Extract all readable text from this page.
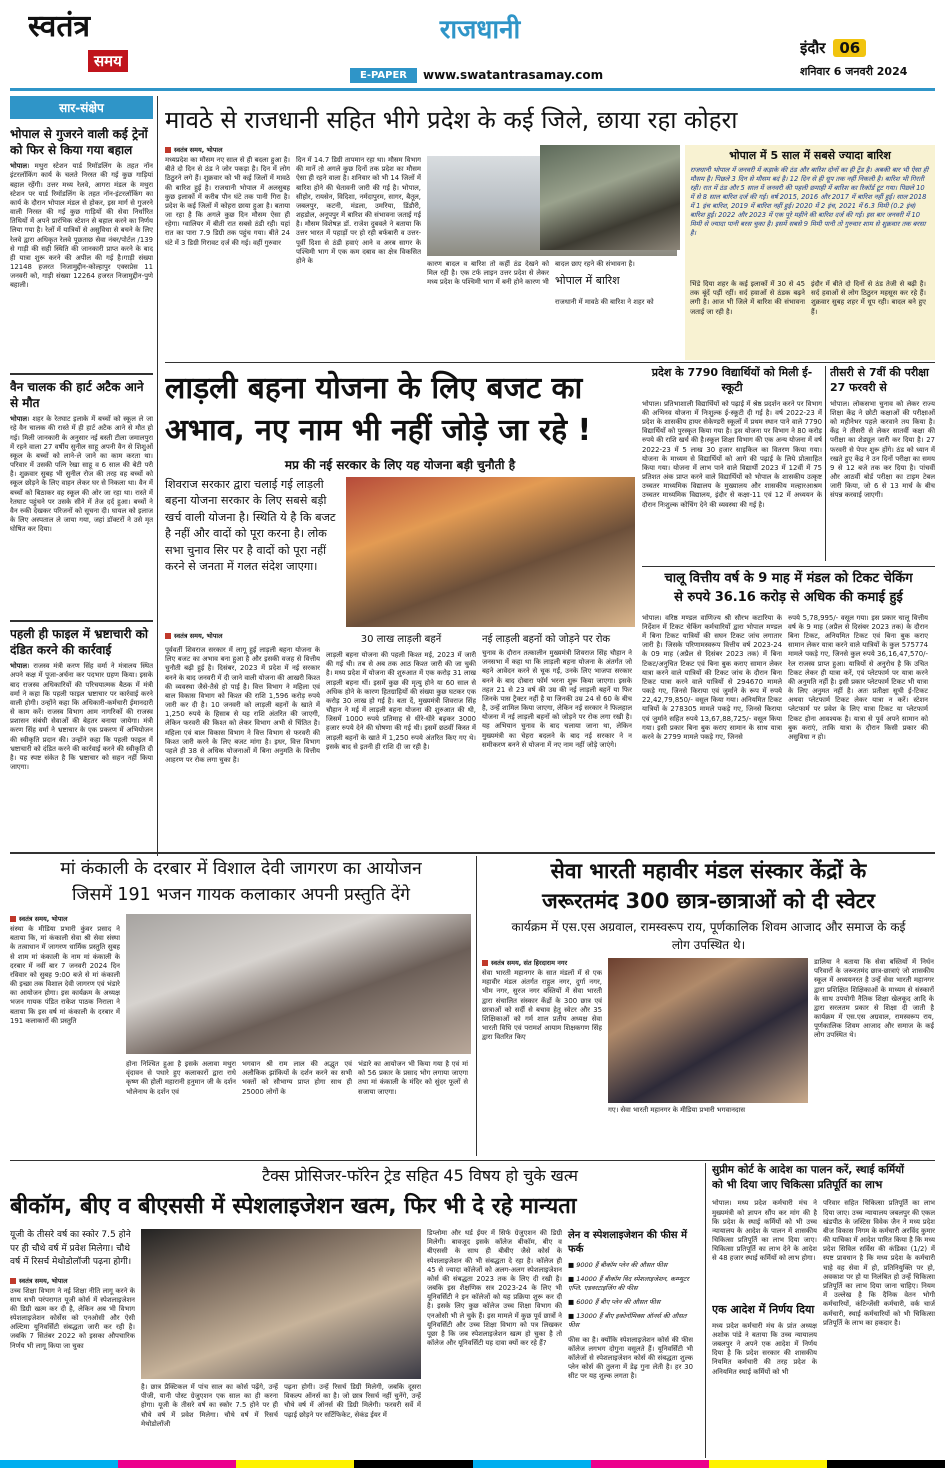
स्वतंत्र
समय
राजधानी
E-PAPER	www.swatantrasamay.com
इंदौर 06
शनिवार 6 जनवरी 2024
सार-संक्षेप
भोपाल से गुजरने वाली कई ट्रेनों को फिर से किया गया बहाल
भोपाल। मथुरा स्टेशन यार्ड रिमॉडलिंग के तहत नॉन इंटरलॉकिंग कार्य के चलते निरस्त की गई कुछ गाड़ियां बहाल रहेंगी। उत्तर मध्य रेलवे, आगरा मंडल के मथुरा स्टेशन पर यार्ड रिमॉडलिंग के तहत नॉन-इंटरलॉकिंग का कार्य के दौरान भोपाल मंडल से होकर, इस मार्ग से गुजरने वाली निरस्त की गई कुछ गाड़ियों की सेवा निर्धारित तिथियों में अपने प्रारंभिक स्टेशन से बहाल करने का निर्णय लिया गया है। रेलों में यात्रियों से असुविधा से बचने के लिए रेलवे द्वारा अधिकृत रेलवे पूछताछ सेवा नंबर/पोर्टल /139 से गाड़ी की सही स्थिति की जानकारी प्राप्त करने के बाद ही यात्रा शुरू करने की अपील की गई है।गाड़ी संख्या 12148 हजरत निजामुद्दीन-कोल्हापुर एक्सप्रेस 11 जनवरी को, गाड़ी संख्या 12264 हजरत निजामुद्दीन-पुणे बहाली।
वैन चालक की हार्ट अटैक आने से मौत
भोपाल। शहर के रेतघाट इलाके में बच्चों को स्कूल ले जा रहे वैन चालक की रास्ते में ही हार्ट अटैक आने से मौत हो गई। मिली जानकारी के अनुसार नई बस्ती टीला जमालपुरा में रहने वाला 27 वर्षीय सुनील साहू अपनी वैन से शिशुओं स्कूल के बच्चों को लाने-ले जाने का काम करता था। परिवार में उसकी पत्नि रेखा साहू व 6 साल की बेटी परी है। शुक्रवार सुबह भी सुनील रोज की तरह वह बच्चों को स्कूल छोड़ने के लिए वाहन लेकर घर से निकला था। वैन में बच्चों को बिठाकर वह स्कूल की ओर जा रहा था। रास्ते में रेतघाट पहुंचने पर उसके सीने में तेज दर्द हुआ। बच्चों ने वैन रुकी देखकर परिजनों को सूचना दी। घायल को इलाज के लिए अस्पताल ले जाया गया, जहां डॉक्टरों ने उसे मृत घोषित कर दिया।
पहली ही फाइल में भ्रष्टाचारी को दंडित करने की कार्रवाई
भोपाल। राजस्व मंत्री करण सिंह वर्मा ने मंत्रालय स्थित अपने कक्ष में पूजा-अर्चना कर पदभार ग्रहण किया। इसके बाद राजस्व अधिकारियों की परिचयात्मक बैठक में मंत्री वर्मा ने कहा कि पहली फाइल भ्रष्टाचार पर कार्रवाई करने वाली होगी। उन्होंने कहा कि अधिकारी-कर्मचारी ईमानदारी से काम करें। राजस्व विभाग आम नागरिकों की राजस्व प्रशासन संबंधी सेवाओं की बेहतर बनाया जायेगा। मंत्री करण सिंह वर्मा ने भ्रष्टाचार के एक प्रकरण में अभियोजन की स्वीकृति प्रदान की। उन्होंने कहा कि पहली फाइल में भ्रष्टाचारी को दंडित करने की कार्रवाई करने की स्वीकृति दी है। यह स्पष्ट संकेत है कि भ्रष्टाचार को सहन नहीं किया जाएगा।
मावठे से राजधानी सहित भीगे प्रदेश के कई जिले, छाया रहा कोहरा
स्वतंत्र समय, भोपाल
मध्यप्रदेश का मौसम नए साल से ही बदला हुआ है। बीते दो दिन से ठंड ने जोर पकड़ा है। दिन में लोग ठिठुरने लगे हैं। शुक्रवार को भी कई जिलों में मावठे की बारिश हुई है। राजधानी भोपाल में अलसुबह कुछ इलाकों में करीब पौन घंटे तक पानी गिरा है। प्रदेश के कई जिलों में कोहरा छाया हुआ है। बताया जा रहा है कि अगले कुछ दिन मौसम ऐसा ही रहेगा। ग्वालियर में बीती रात सबसे ठंडी रही। यहां रात का पारा 7.9 डिग्री तक पहुंच गया। बीते 24 घंटे में 3 डिग्री गिरावट दर्ज की गई। वहीं गुरुवार
दिन में 14.7 डिग्री तापमान रहा था। मौसम विभाग की मानें तो अगले कुछ दिनों तक प्रदेश का मौसम ऐसा ही रहने वाला है। शनिवार को भी 14 जिलों में बारिश होने की चेतावनी जारी की गई है। भोपाल, सीहोर, रायसेन, विदिशा, नर्मदापुरम, सागर, बैतूल, जबलपुर, कटनी, मंडला, उमरिया, डिंडौरी, शहडोल, अनूपपुर में बारिश की संभावना जताई गई है। मौसम विशेषज्ञ डॉ. राजेश दुबवले ने बताया कि उत्तर भारत में पहाड़ों पर हो रही बर्फबारी व उत्तर-पूर्वी दिशा से ठंडी हवाएं आने व अरब सागर के पश्चिमी भाग में एक कम दबाव का क्षेत्र विकसित होने के	कारण बादल व बारिश तो कहीं ठंड देखने को मिल रही है। एक टर्फ लाइन उत्तर प्रदेश से लेकर मध्य प्रदेश के पश्चिमी भाग में बनी होने कारण भी
बादल छाए रहने की संभावना है।
भोपाल में बारिश
राजधानी में मावठे की बारिश ने शहर को
भोपाल में 5 साल में सबसे ज्यादा बारिश
राजधानी भोपाल में जनवरी में कड़ाके की ठंड और बारिश दोनों का ही ट्रेंड है। अबकी बार भी ऐसा ही मौसम है। पिछले 3 दिन से मौसम बदं है। 12 दिन से ही धूप तक नहीं निकली है। बारिश भी गिरती रही। रात में ठंड और 5 साल में जनवरी की पहली छमाही में बारिश का रिकॉर्ड टूट गया। पिछले 10 में से 8 साल बारिश दर्ज की गई। वर्ष 2015, 2016 और 2017 में बारिश नहीं हुई। साल 2018 में 1 इंच बारिश, 2019 में बारिश नहीं हुई। 2020 में 2 इंच, 2021 में 6.3 मिमी (0.2 इंच) बारिश हुई। 2022 और 2023 में एक पूरे महीने की बारिश दर्ज की गई। इस बार जनवरी में 10 मिमी से ज्यादा पानी बरस चुका है। इसमें सबसे 9 मिमी पानी तो गुरुवार शाम से शुक्रवार तक बरसा है।
भिंडे दिया शहर के कई इलाकों में 30 से 45 तक बूंदें पड़ीं रहीं। सर्द हवाओं से ठंडक बढ़ने लगी है। आज भी जिले में बारिश की संभावना जताई जा रही है।
इंदौर में बीते दो दिनों से ठंड तेजी से बढ़ी है। सर्द हवाओं से लोग ठिठुरन महसूस कर रहे हैं। शुक्रवार सुबह शहर में धूप रही। बादल बने हुए हैं।
लाड़ली बहना योजना के लिए बजट का
अभाव, नए नाम भी नहीं जोड़े जा रहे !
मप्र की नई सरकार के लिए यह योजना बड़ी चुनौती है
शिवराज सरकार द्वारा चलाई गई लाड़ली बहना योजना सरकार के लिए सबसे बड़ी खर्च वाली योजना है। स्थिति ये है कि बजट है नहीं और वादों को पूरा करना है। लोक सभा चुनाव सिर पर है वादों को पूरा नहीं करने से जनता में गलत संदेश जाएगा।
स्वतंत्र समय, भोपाल
पूर्ववर्ती शिवराज सरकार में लागू हुई लाड़ली बहना योजना के लिए बजट का अभाव बना हुआ है और इसकी वजह से वित्तीय चुनौती बढ़ी हुई है। दिसंबर, 2023 में प्रदेश में नई सरकार बनने के बाद जनवरी में दी जाने वाली योजना की आखरी किश्त की व्यवस्था जैसे-तैसे हो पाई है। वित्त विभाग ने महिला एवं बाल विकास विभाग को किश्त की राशि 1,596 करोड़ रुपये जारी कर दी है। 10 जनवरी को लाड़ली बहनों के खाते में 1,250 रुपये के हिसाब से यह राशि अंतरित की जाएगी, लेकिन फरवरी की किश्त को लेकर विभाग अभी से चिंतित है। महिला एवं बाल विकास विभाग ने वित्त विभाग से फरवरी की किश्त जारी करने के लिए बजट मांगा है। इधर, वित्त विभाग पहले ही 38 से अधिक योजनाओं में बिना अनुमति के वित्तीय आहरण पर रोक लगा चुका है।
30 लाख लाड़ली बहनें
लाड़ली बहना योजना की पहली किश्त मई, 2023 में जारी की गई थी। तब से अब तक आठ किश्त जारी की जा चुकी है। मध्य प्रदेश में योजना की शुरुआत में एक करोड़ 31 लाख लाड़ली बहना थीं। इसमें कुछ की मृत्यु होने या 60 साल से अधिक होने के कारण हितग्राहियों की संख्या कुछ घटकर एक करोड़ 30 लाख हो गई है। बता दें, मुख्यमंत्री शिवराज सिंह चौहान ने मई में लाड़ली बहना योजना की शुरुआत की थी, जिसमें 1000 रुपये प्रतिमाह से धीरे-धीरे बढ़कर 3000 हजार रुपये देने की घोषणा की गई थी। इसमें छठवीं किस्त में लाड़ली बहनों के खाते में 1,250 रुपये अंतरित किए गए थे। इसके बाद से इतनी ही राशि दी जा रही है।
नई लाड़ली बहनों को जोड़ने पर रोक
चुनाव के दौरान तत्कालीन मुख्यमंत्री शिवराज सिंह चौहान ने जनसभा में कहा था कि लाड़ली बहना योजना के अंतर्गत जो बहने आवेदन करने से चूक गईं, उनके लिए भाजपा सरकार बनने के बाद दोबारा फॉर्म भरना शुरू किया जाएगा। इसके तहत 21 से 23 वर्ष की उम्र की नई लाड़ली बहनें या फिर जिनके पास ट्रैक्टर नहीं है या जिनकी उम्र 24 से 60 के बीच है, उन्हें शामिल किया जाएगा, लेकिन नई सरकार ने फिलहाल योजना में नई लाड़ली बहनों को जोड़ने पर रोक लगा रखी है। यह अभियान चुनाव के बाद चलाया जाना था, लेकिन मुख्यमंत्री का चेहरा बदलने के बाद नई सरकार ने न समीकरण बनने से योजना में नए नाम नहीं जोड़े जाएंगे।
प्रदेश के 7790 विद्यार्थियों को मिली ई-स्कूटी
भोपाल। प्रतिभाशाली विद्यार्थियों को पढ़ाई में श्रेष्ठ प्रदर्शन करने पर विभाग की अभिनव योजना में निःशुल्क ई-स्कूटी दी गई है। वर्ष 2022-23 में प्रदेश के शासकीय हायर सेकेण्डरी स्कूलों में प्रथम स्थान पाने वाले 7790 विद्यार्थियों को पुरस्कृत किया गया है। इस योजना पर विभाग ने 80 करोड़ रुपये की राशि खर्च की है।स्कूल शिक्षा विभाग की एक अन्य योजना में वर्ष 2022-23 में 5 लाख 30 हजार साइकिल का वितरण किया गया। योजना के माध्यम से विद्यार्थियों को आगे की पढ़ाई के लिये प्रोत्साहित किया गया। योजना में लाभ पाने वाले विद्यार्थी 2023 में 12वीं में 75 प्रतिशत अंक प्राप्त करने वाले विद्यार्थियों को भोपाल के शासकीय उत्कृष्ट उच्चतर माध्यमिक विद्यालय के मुख्यालय और शासकीय मल्हारआश्रम उच्चतर माध्यमिक विद्यालय, इंदौर से कक्षा-11 एवं 12 में अध्ययन के दौरान निःशुल्क कोचिंग देने की व्यवस्था की गई है।
तीसरी से 7वीं की परीक्षा 27 फरवरी से
भोपाल। लोकसभा चुनाव को लेकर राज्य शिक्षा केंद्र ने छोटी कक्षाओं की परीक्षाओं को महीनेभर पहले करवाने तय किया है। केंद्र ने तीसरी से लेकर सातवीं कक्षा की परीक्षा का शेड्यूल जारी कर दिया है। 27 फरवरी से पेपर शुरू होंगे। ठंड को ध्यान में रखते हुए केंद्र ने उन दिनों परीक्षा का समय 9 से 12 बजे तक कर दिया है। पांचवीं और आठवीं बोर्ड परीक्षा का टाइम टेबल जारी किया, जो 6 से 13 मार्च के बीच संपन्न करवाई जाएगी।
चालू वित्तीय वर्ष के 9 माह में मंडल को टिकट चेकिंग
से रुपये 36.16 करोड़ से अधिक की कमाई हुई
भोपाल। वरिष्ठ मण्डल वाणिज्य श्री सौरभ कटारिया के निर्देशन में टिकट चेकिंग कर्मचारियों द्वारा भोपाल मण्डल में बिना टिकट यात्रियों की सघन टिकट जांच लगातार जारी है। जिसके परिणामस्वरूप वित्तीय वर्ष 2023-24 के 09 माह (अप्रैल से दिसंबर 2023 तक) में बिना टिकट/अनुचित टिकट एवं बिना बुक कराए सामान लेकर यात्रा करने वाले यात्रियों की टिकट जांच के दौरान बिना टिकट यात्रा करने वाले यात्रियों से 294670 मामले पकड़े गए, जिनसे किराया एवं जुर्माने के रूप में रुपये 22,42,79,850/- वसूल किया गया। अनियमित टिकट यात्रियों के 278305 मामले पकड़े गए, जिनसे किराया एवं जुर्माने सहित रुपये 13,67,88,725/- वसूल किया गया। इसी प्रकार बिना बुक कराए सामान के साथ यात्रा करने के 2799 मामले पकड़े गए, जिनसे
रुपये 5,78,995/- वसूल गया। इस प्रकार चालू वित्तीय वर्ष के 9 माह (अप्रैल से दिसंबर 2023 तक) के दौरान बिना टिकट, अनियमित टिकट एवं बिना बुक कराए सामान लेकर यात्रा करने वाले यात्रियों के कुल 575774 मामले पकड़े गए, जिनसे कुल रुपये 36,16,47,570/- रेल राजस्व प्राप्त हुआ। यात्रियों से अनुरोध है कि उचित टिकट लेकर ही यात्रा करें, एवं प्लेटफार्म पर यात्रा करने की अनुमति नहीं है। इसी प्रकार प्लेटफार्म टिकट भी यात्रा के लिए अनुमत नहीं है। अतः प्रतीक्षा सूची ई-टिकट अथवा प्लेटफार्म टिकट लेकर यात्रा न करें। स्टेशन प्लेटफार्म पर प्रवेश के लिए यात्रा टिकट या प्लेटफार्म टिकट होना आवश्यक है। यात्रा से पूर्व अपने सामान को बुक कराएं, ताकि यात्रा के दौरान किसी प्रकार की असुविधा न हो।
मां कंकाली के दरबार में विशाल देवी जागरण का आयोजन
जिसमें 191 भजन गायक कलाकार अपनी प्रस्तुति देंगे
स्वतंत्र समय, भोपाल
संस्था के मीडिया प्रभारी कुंवर प्रसाद ने बताया कि, मां कंकाली सेवा श्री सेवा संस्था के तत्वाधान में जागरण धार्मिक प्रस्तुति सुबह से शाम मां कंकाली के नाम मां कंकाली के दरबार में नवीं बार 7 जनवरी 2024 दिन रविवार को सुबह 9:00 बजे से मां कंकाली की इच्छा तक विशाल देवी जागरण एवं भंडारे का आयोजन होगा। इस कार्यक्रम के अध्यक्ष भजन गायक पंडित राकेश पाठक निराला ने बताया कि इस वर्ष मां कंकाली के दरबार में 191 कलाकारों की प्रस्तुति
होना निश्चित हुआ है इसके अलावा मथुरा वृंदावन से पधारे हुए कलाकारों द्वारा राधे कृष्ण की होली महारानी हनुमान जी के दर्शन भोलेनाथ के दर्शन एवं
भगवान श्री राम लाल की अद्भुत एवं अलौकिक झांकियों के दर्शन करने का सभी भक्तों को सौभाग्य प्राप्त होगा साथ ही 25000 लोगों के
भंडारे का आयोजन भी किया गया है एवं मां को 56 प्रकार के प्रसाद भोग लगाया जाएगा तथा मां कंकाली के मंदिर को सुंदर फूलों से सजाया जाएगा।
सेवा भारती महावीर मंडल संस्कार केंद्रों के
जरूरतमंद 300 छात्र-छात्राओं को दी स्वेटर
कार्यक्रम में एस.एस अग्रवाल, रामस्वरूप राय, पूर्णकालिक शिवम आजाद और समाज के कई लोग उपस्थित थे।
स्वतंत्र समय, संत हिरदाराम नगर
सेवा भारती महानगर के सात मंडलों में से एक महावीर मंडल अंतर्गत राहुल नगर, दुर्गा नगर, भीम नगर, सुरज नगर बस्तियों में सेवा भारती द्वारा संचालित संस्कार केंद्रों के 300 छात्र एवं छात्राओं को सर्दी से बचाव हेतु स्वेटर और 35 शिक्षिकाओं को गर्म शाल प्रतीय अध्यक्ष सेवा भारती विधि एवं परामर्श आयाम शिक्षकगण सिंह द्वारा वितरित किए
गए। सेवा भारती महानगर के मीडिया प्रभारी भगवानदास
डालिया ने बताया कि सेवा बस्तियों में निर्धन परिवारों के जरूरतमंद छात्र-छात्राएं जो शासकीय स्कूल में अध्ययनरत है उन्हें सेवा भारती महानगर द्वारा प्रशिक्षित शिक्षिकाओं के माध्यम से संस्कारों के साथ उपयोगी नैतिक शिक्षा खेलकूद आदि के द्वारा सरलतम प्रकार से शिक्षा दी जाती है कार्यक्रम में एस.एस अग्रवाल, रामस्वरूप राय, पूर्णकालिक शिवम आजाद और समाज के कई लोग उपस्थित थे।
टैक्स प्रोसिजर-फॉरेन ट्रेड सहित 45 विषय हो चुके खत्म
बीकॉम, बीए व बीएससी में स्पेशलाइजेशन खत्म, फिर भी दे रहे मान्यता
यूजी के तीसरे वर्ष का स्कोर 7.5 होने पर ही चौथे वर्ष में प्रवेश मिलेगा। चौथे वर्ष में रिसर्च मेथोडोलॉजी पढ़ना होगी।
स्वतंत्र समय, भोपाल
उच्च शिक्षा विभाग ने नई शिक्षा नीति लागू करने के साथ सभी परंपरागत यूजी कोर्स में स्पेशलाइजेशन की डिग्री खत्म कर दी है, लेकिन अब भी विभाग स्पेशलाइजेशन कोर्सेस को एनओसी और ऐसी अल्टिमा यूनिवर्सिटी संबद्धता जारी कर रही है। जबकि 7 सितंबर 2022 को इसका औपचारिक निर्णय भी लागू किया जा चुका
है। छात्र प्रैक्टिकल में पांच साल का कोर्स पढ़ेंगे, उन्हें पीजी, यानी पोस्ट ग्रेजुएशन एक साल का ही करना होगा। यूजी के तीसरे वर्ष का स्कोर 7.5 होने पर ही चौथे वर्ष में प्रवेश मिलेगा। चौथे वर्ष में रिसर्च मेथोडोलॉजी
पढ़ना होगी। उन्हें रिसर्च डिग्री मिलेगी, जबकि दूसरा विकल्प ऑनर्स का है। जो छात्र रिसर्च नहीं चुनेंगे, उन्हें चौथे वर्ष में ऑनर्स की डिग्री मिलेगी। फरवरी सर्वे में पढ़ाई छोड़ने पर सर्टिफिकेट, सेकंड ईयर में
डिप्लोमा और थर्ड ईयर में सिर्फ ग्रेजुएशन की डिग्री मिलेगी। बावजूद इसके कॉलेज बीकॉम, बीए व बीएससी के साथ ही बीबीए जैसे कोर्स के स्पेशलाइजेशन की भी संबद्धता दे रहा है। कॉलेज ही 45 से ज्यादा कॉलेजों को अलग-अलग स्पेशलाइजेशन कोर्स की संबद्धता 2023 तक के लिए दी रखी है। जबकि इस शैक्षणिक सत्र 2023-24 के लिए भी यूनिवर्सिटी ने इन कॉलेजों को यह प्रक्रिया शुरू कर दी है। इसके लिए कुछ कॉलेज उच्च शिक्षा विभाग की एनओसी भी ले चुके हैं। इस मामले में कुछ पूर्व छात्रों ने यूनिवर्सिटी और उच्च शिक्षा विभाग को पत्र लिखकर पूछा है कि जब स्पेशलाइजेशन खत्म हो चुका है तो कॉलेज और यूनिवर्सिटी यह दावा क्यों कर रहे हैं?
लेन व स्पेशलाइजेशन की फीस में फर्क
■ 9000 हैं बीकॉम प्लेन की औसत फीस
■ 14000 हैं बीकॉम विद स्पेशलाइजेशन, कम्प्यूटर एप्लि. एडवरटाइजिंग की फीस
■ 6000 हैं बीए प्लेन की औसत फीस
■ 13000 हैं बीए इकोनॉमिक्स ऑनर्स की औसत फीस
फीस का है। क्योंकि स्पेशलाइजेशन कोर्स की फीस कॉलेज लगभग दोगुना वसूलते हैं। यूनिवर्सिटी भी कॉलेजों से स्पेशलाइजेशन कोर्स की संबद्धता शुल्क प्लेन कोर्स की तुलना में डेढ़ गुना लेती है। हर 30 सीट पर यह शुल्क लगता है।
सुप्रीम कोर्ट के आदेश का पालन करें, स्थाई कर्मियों
को भी दिया जाए चिकित्सा प्रतिपूर्ति का लाभ
भोपाल। मध्य प्रदेश कर्मचारी मंच ने मुख्यमंत्री को ज्ञापन सौंप कर मांग की है कि प्रदेश के स्थाई कर्मियों को भी उच्च न्यायालय के आदेश के पालन में शासकीय चिकित्सा प्रतिपूर्ति का लाभ दिया जाए। चिकित्सा प्रतिपूर्ति का लाभ देने के आदेश से 48 हजार स्थाई कर्मियों को लाभ होगा।
एक आदेश में निर्णय दिया
मध्य प्रदेश कर्मचारी मंच के प्रांत अध्यक्ष अशोक पांडे ने बताया कि उच्च न्यायालय जबलपुर ने अपने एक आदेश में निर्णय दिया है कि प्रदेश सरकार की शासकीय नियमित कर्मचारी की तरह प्रदेश के अनियमित स्थाई कर्मियों को भी
परिवार सहित चिकित्सा प्रतिपूर्ति का लाभ दिया जाए। उच्च न्यायालय जबलपुर की एकल खंडपीठ के जस्टिस विवेक जैन ने मध्य प्रदेश बीज विकास निगम के कर्मचारी अरविंद कुमार की याचिका में आदेश पारित किया है कि मध्य प्रदेश सिविल सर्विस की कंडिका (1/2) में स्पष्ट प्रावधान है कि मध्य प्रदेश के कर्मचारी चाहे वह सेवा में हो, प्रतिनियुक्ति पर हो, अवकाश पर हो या निलंबित हो उन्हें चिकित्सा प्रतिपूर्ति का लाभ दिया जाना चाहिए। नियम में उल्लेख है कि दैनिक वेतन भोगी कर्मचारियों, कंटिन्जेंसी कर्मचारी, वर्क चार्ज कर्मचारी, स्थाई कर्मचारियों को भी चिकित्सा प्रतिपूर्ति के लाभ का हकदार है।
